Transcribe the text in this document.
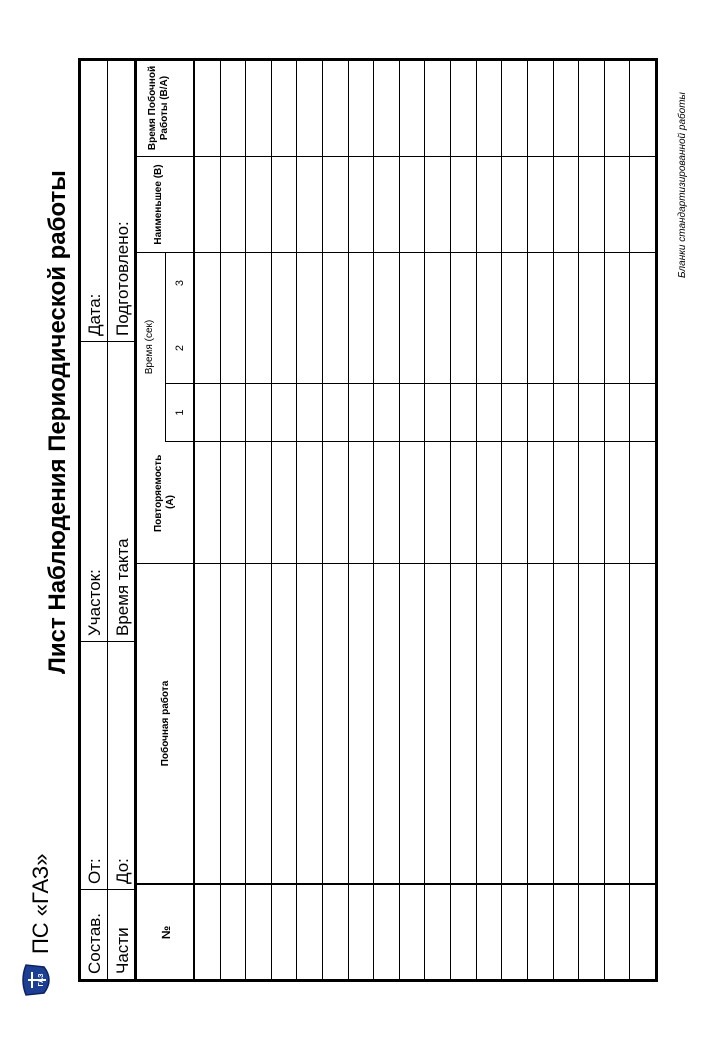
ГАЗ
ПС «ГАЗ»
Лист Наблюдения Периодической работы
Состав. Части
От: До:
Участок: Время такта
Дата: Подготовлено:
№
Побочная работа
Повторяемость (A)
Время (сек)
1
2
3
Наименьшее (B)
Время Побочной Работы (B/A)	Бланки стандартизированной работы
